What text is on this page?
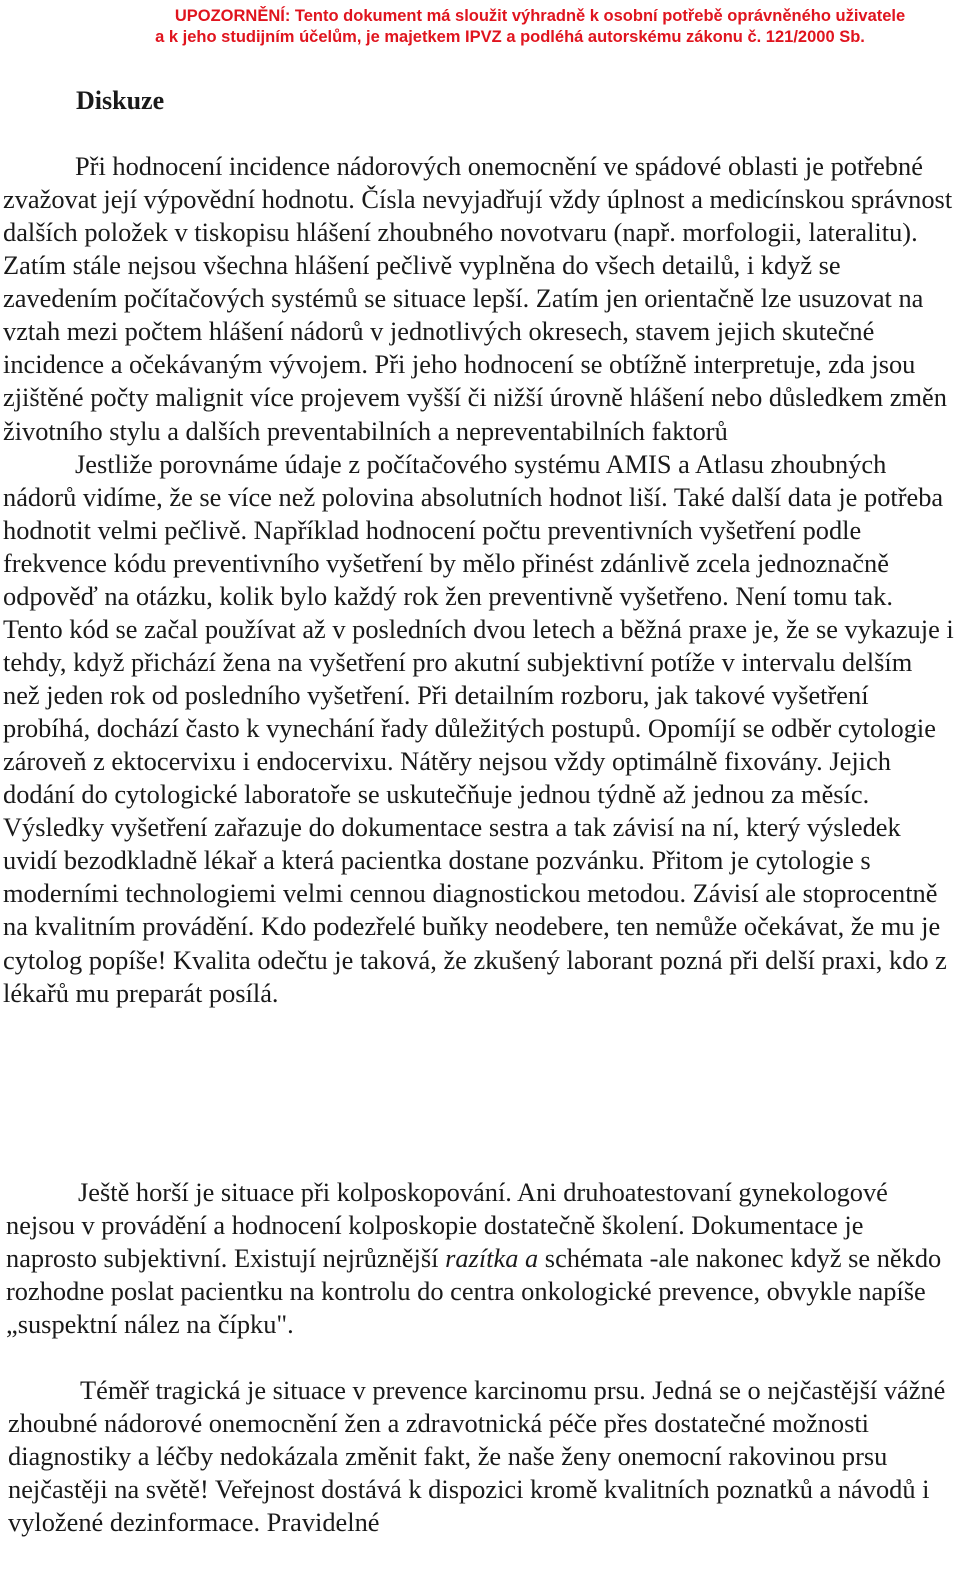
UPOZORNĚNÍ: Tento dokument má sloužit výhradně k osobní potřebě oprávněného uživatele
a k jeho studijním účelům, je majetkem IPVZ a podléhá autorskému zákonu č. 121/2000 Sb.
Diskuze

Při hodnocení incidence nádorových onemocnění ve spádové oblasti je potřebné zvažovat její výpovědní hodnotu. Čísla nevyjadřují vždy úplnost a medicínskou správnost dalších položek v tiskopisu hlášení zhoubného novotvaru (např. morfologii, lateralitu). Zatím stále nejsou všechna hlášení pečlivě vyplněna do všech detailů, i když se zavedením počítačových systémů se situace lepší. Zatím jen orientačně lze usuzovat na vztah mezi počtem hlášení nádorů v jednotlivých okresech, stavem jejich skutečné incidence a očekávaným vývojem. Při jeho hodnocení se obtížně interpretuje, zda jsou zjištěné počty malignit více projevem vyšší či nižší úrovně hlášení nebo důsledkem změn životního stylu a dalších preventabilních a nepreventabilních faktorů

Jestliže porovnáme údaje z počítačového systému AMIS a Atlasu zhoubných nádorů vidíme, že se více než polovina absolutních hodnot liší. Také další data je potřeba hodnotit velmi pečlivě. Například hodnocení počtu preventivních vyšetření podle frekvence kódu preventivního vyšetření by mělo přinést zdánlivě zcela jednoznačně odpověď na otázku, kolik bylo každý rok žen preventivně vyšetřeno. Není tomu tak. Tento kód se začal používat až v posledních dvou letech a běžná praxe je, že se vykazuje i tehdy, když přichází žena na vyšetření pro akutní subjektivní potíže v intervalu delším než jeden rok od posledního vyšetření. Při detailním rozboru, jak takové vyšetření probíhá, dochází často k vynechání řady důležitých postupů. Opomíjí se odběr cytologie zároveň z ektocervixu i endocervixu. Nátěry nejsou vždy optimálně fixovány. Jejich dodání do cytologické laboratoře se uskutečňuje jednou týdně až jednou za měsíc. Výsledky vyšetření zařazuje do dokumentace sestra a tak závisí na ní, který výsledek uvidí bezodkladně lékař a která pacientka dostane pozvánku. Přitom je cytologie s moderními technologiemi velmi cennou diagnostickou metodou. Závisí ale stoprocentně na kvalitním provádění. Kdo podezřelé buňky neodebere, ten nemůže očekávat, že mu je cytolog popíše! Kvalita odečtu je taková, že zkušený laborant pozná při delší praxi, kdo z lékařů mu preparát posílá.

Ještě horší je situace při kolposkopování. Ani druhoatestovaní gynekologové nejsou v provádění a hodnocení kolposkopie dostatečně školení. Dokumentace je naprosto subjektivní. Existují nejrůznější razítka a schémata -ale nakonec když se někdo rozhodne poslat pacientku na kontrolu do centra onkologické prevence, obvykle napíše „suspektní nález na čípku".

Téměř tragická je situace v prevence karcinomu prsu. Jedná se o nejčastější vážné zhoubné nádorové onemocnění žen a zdravotnická péče přes dostatečné možnosti diagnostiky a léčby nedokázala změnit fakt, že naše ženy onemocní rakovinou prsu nejčastěji na světě! Veřejnost dostává k dispozici kromě kvalitních poznatků a návodů i vyložené dezinformace. Pravidelné
